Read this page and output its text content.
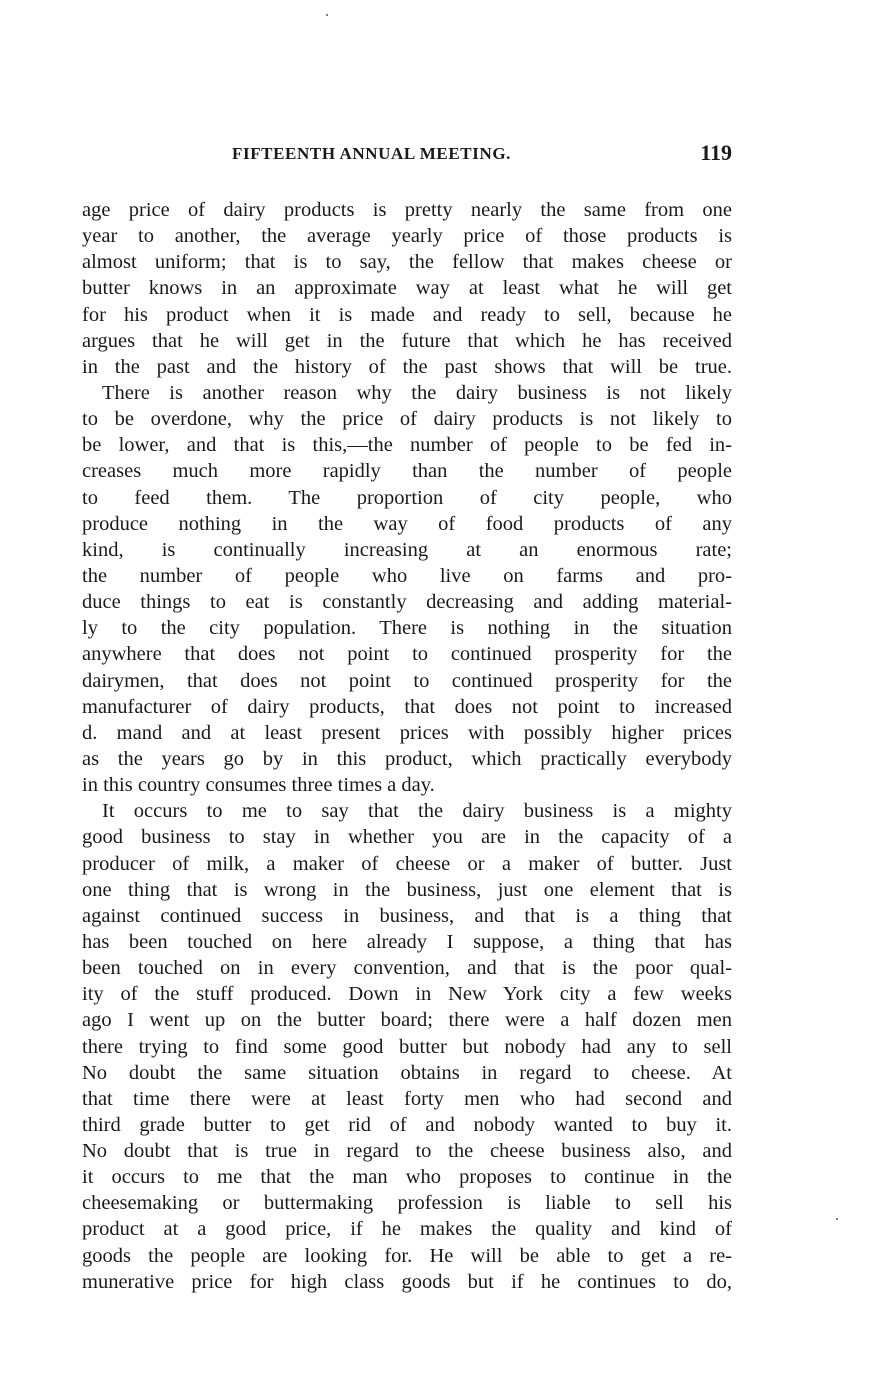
FIFTEENTH ANNUAL MEETING.	119
age price of dairy products is pretty nearly the same from one
year to another, the average yearly price of those products is
almost uniform; that is to say, the fellow that makes cheese or
butter knows in an approximate way at least what he will get
for his product when it is made and ready to sell, because he
argues that he will get in the future that which he has received
in the past and the history of the past shows that will be true.
There is another reason why the dairy business is not likely
to be overdone, why the price of dairy products is not likely to
be lower, and that is this,—the number of people to be fed in-
creases much more rapidly than the number of people
to feed them. The proportion of city people, who
produce nothing in the way of food products of any
kind, is continually increasing at an enormous rate;
the number of people who live on farms and pro-
duce things to eat is constantly decreasing and adding material-
ly to the city population. There is nothing in the situation
anywhere that does not point to continued prosperity for the
dairymen, that does not point to continued prosperity for the
manufacturer of dairy products, that does not point to increased
d. mand and at least present prices with possibly higher prices
as the years go by in this product, which practically everybody
in this country consumes three times a day.
It occurs to me to say that the dairy business is a mighty
good business to stay in whether you are in the capacity of a
producer of milk, a maker of cheese or a maker of butter. Just
one thing that is wrong in the business, just one element that is
against continued success in business, and that is a thing that
has been touched on here already I suppose, a thing that has
been touched on in every convention, and that is the poor qual-
ity of the stuff produced. Down in New York city a few weeks
ago I went up on the butter board; there were a half dozen men
there trying to find some good butter but nobody had any to sell
No doubt the same situation obtains in regard to cheese. At
that time there were at least forty men who had second and
third grade butter to get rid of and nobody wanted to buy it.
No doubt that is true in regard to the cheese business also, and
it occurs to me that the man who proposes to continue in the
cheesemaking or buttermaking profession is liable to sell his
product at a good price, if he makes the quality and kind of
goods the people are looking for. He will be able to get a re-
munerative price for high class goods but if he continues to do,
